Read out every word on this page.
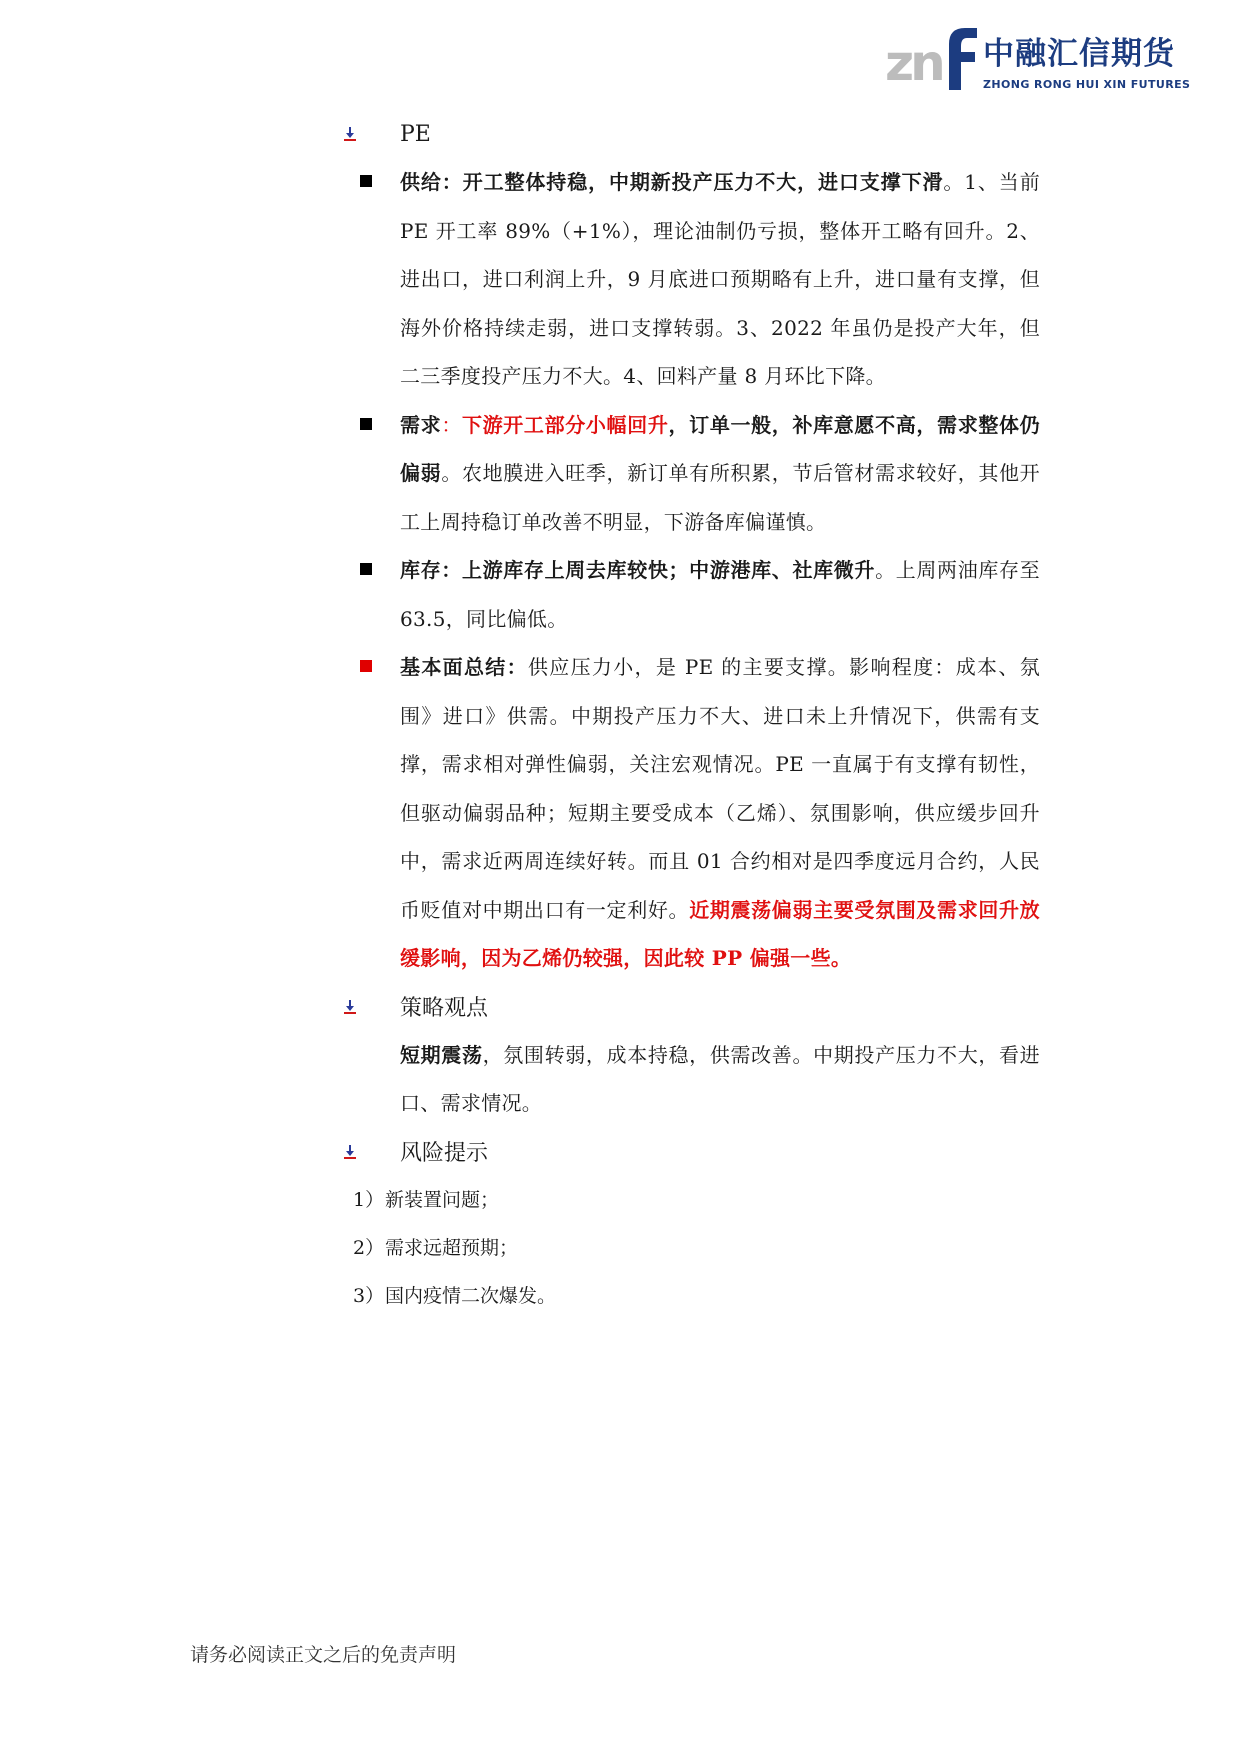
zn 中融汇信期货
ZHONG RONG HUI XIN FUTURES
PE
供给：开工整体持稳，中期新投产压力不大，进口支撑下滑。1、当前 PE 开工率 89%（+1%），理论油制仍亏损，整体开工略有回升。2、进出口，进口利润上升，9 月底进口预期略有上升，进口量有支撑，但海外价格持续走弱，进口支撑转弱。3、2022 年虽仍是投产大年，但二三季度投产压力不大。4、回料产量 8 月环比下降。
需求：下游开工部分小幅回升，订单一般，补库意愿不高，需求整体仍偏弱。农地膜进入旺季，新订单有所积累，节后管材需求较好，其他开工上周持稳订单改善不明显，下游备库偏谨慎。
库存：上游库存上周去库较快；中游港库、社库微升。上周两油库存至 63.5，同比偏低。
基本面总结：供应压力小，是 PE 的主要支撑。影响程度：成本、氛围》进口》供需。中期投产压力不大、进口未上升情况下，供需有支撑，需求相对弹性偏弱，关注宏观情况。PE 一直属于有支撑有韧性，但驱动偏弱品种；短期主要受成本（乙烯）、氛围影响，供应缓步回升中，需求近两周连续好转。而且 01 合约相对是四季度远月合约，人民币贬值对中期出口有一定利好。近期震荡偏弱主要受氛围及需求回升放缓影响，因为乙烯仍较强，因此较 PP 偏强一些。
策略观点
短期震荡，氛围转弱，成本持稳，供需改善。中期投产压力不大，看进口、需求情况。
风险提示
1）新装置问题；
2）需求远超预期；
3）国内疫情二次爆发。
请务必阅读正文之后的免责声明
